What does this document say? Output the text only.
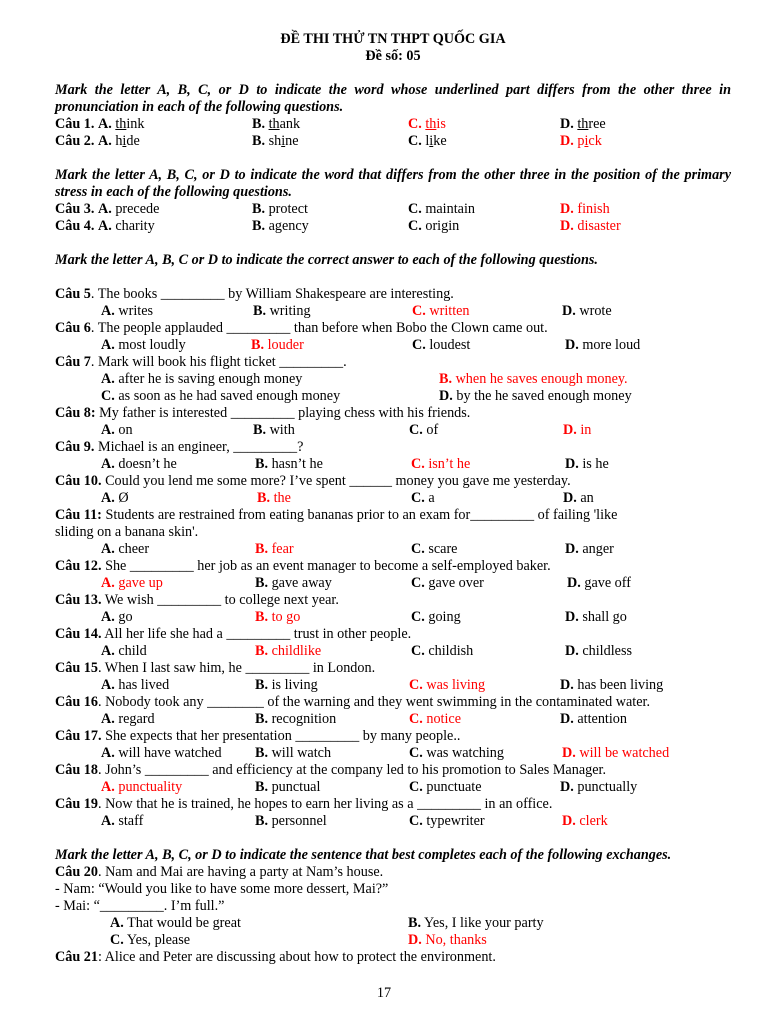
ĐỀ THI THỬ TN THPT QUỐC GIA
Đề số: 05
Mark the letter A, B, C, or D to indicate the word whose underlined part differs from the other three in pronunciation in each of the following questions.
Câu 1. A. think	B. thank	C. this	D. three
Câu 2. A. hide	B. shine	C. like	D. pick
Mark the letter A, B, C, or D to indicate the word that differs from the other three in the position of the primary stress in each of the following questions.
Câu 3. A. precede	B. protect	C. maintain	D. finish
Câu 4. A. charity	B. agency	C. origin	D. disaster
Mark the letter A, B, C or D to indicate the correct answer to each of the following questions.
Câu 5. The books _________ by William Shakespeare are interesting.
A. writes	B. writing	C. written	D. wrote
Câu 6. The people applauded _________ than before when Bobo the Clown came out.
A. most loudly	B. louder	C. loudest	D. more loud
Câu 7. Mark will book his flight ticket _________.
A. after he is saving enough money	B. when he saves enough money.
C. as soon as he had saved enough money	D. by the he saved enough money
Câu 8: My father is interested _________ playing chess with his friends.
A. on	B. with	C. of	D. in
Câu 9. Michael is an engineer, _________?
A. doesn’t he	B. hasn’t he	C. isn’t he	D. is he
Câu 10. Could you lend me some more? I’ve spent ______ money you gave me yesterday.
A. Ø	B. the	C. a	D. an
Câu 11: Students are restrained from eating bananas prior to an exam for_________ of failing 'like
sliding on a banana skin'.
A. cheer	B. fear	C. scare	D. anger
Câu 12. She _________ her job as an event manager to become a self-employed baker.
A. gave up	B. gave away	C. gave over	D. gave off
Câu 13. We wish _________ to college next year.
A. go	B. to go	C. going	D. shall go
Câu 14. All her life she had a _________ trust in other people.
A. child	B. childlike	C. childish	D. childless
Câu 15. When I last saw him, he _________ in London.
A. has lived	B. is living	C. was living	D. has been living
Câu 16. Nobody took any ________ of the warning and they went swimming in the contaminated water.
A. regard	B. recognition	C. notice	D. attention
Câu 17. She expects that her presentation _________ by many people..
A. will have watched B. will watch	C. was watching	D. will be watched
Câu 18. John’s _________ and efficiency at the company led to his promotion to Sales Manager.
A. punctuality	B. punctual	C. punctuate	D. punctually
Câu 19. Now that he is trained, he hopes to earn her living as a _________ in an office.
A. staff	B. personnel	C. typewriter	D. clerk
Mark the letter A, B, C, or D to indicate the sentence that best completes each of the following exchanges.
Câu 20. Nam and Mai are having a party at Nam’s house.
- Nam: “Would you like to have some more dessert, Mai?”
- Mai: “_________. I’m full.”
A. That would be great	B. Yes, I like your party
C. Yes, please	D. No, thanks
Câu 21: Alice and Peter are discussing about how to protect the environment.
17
